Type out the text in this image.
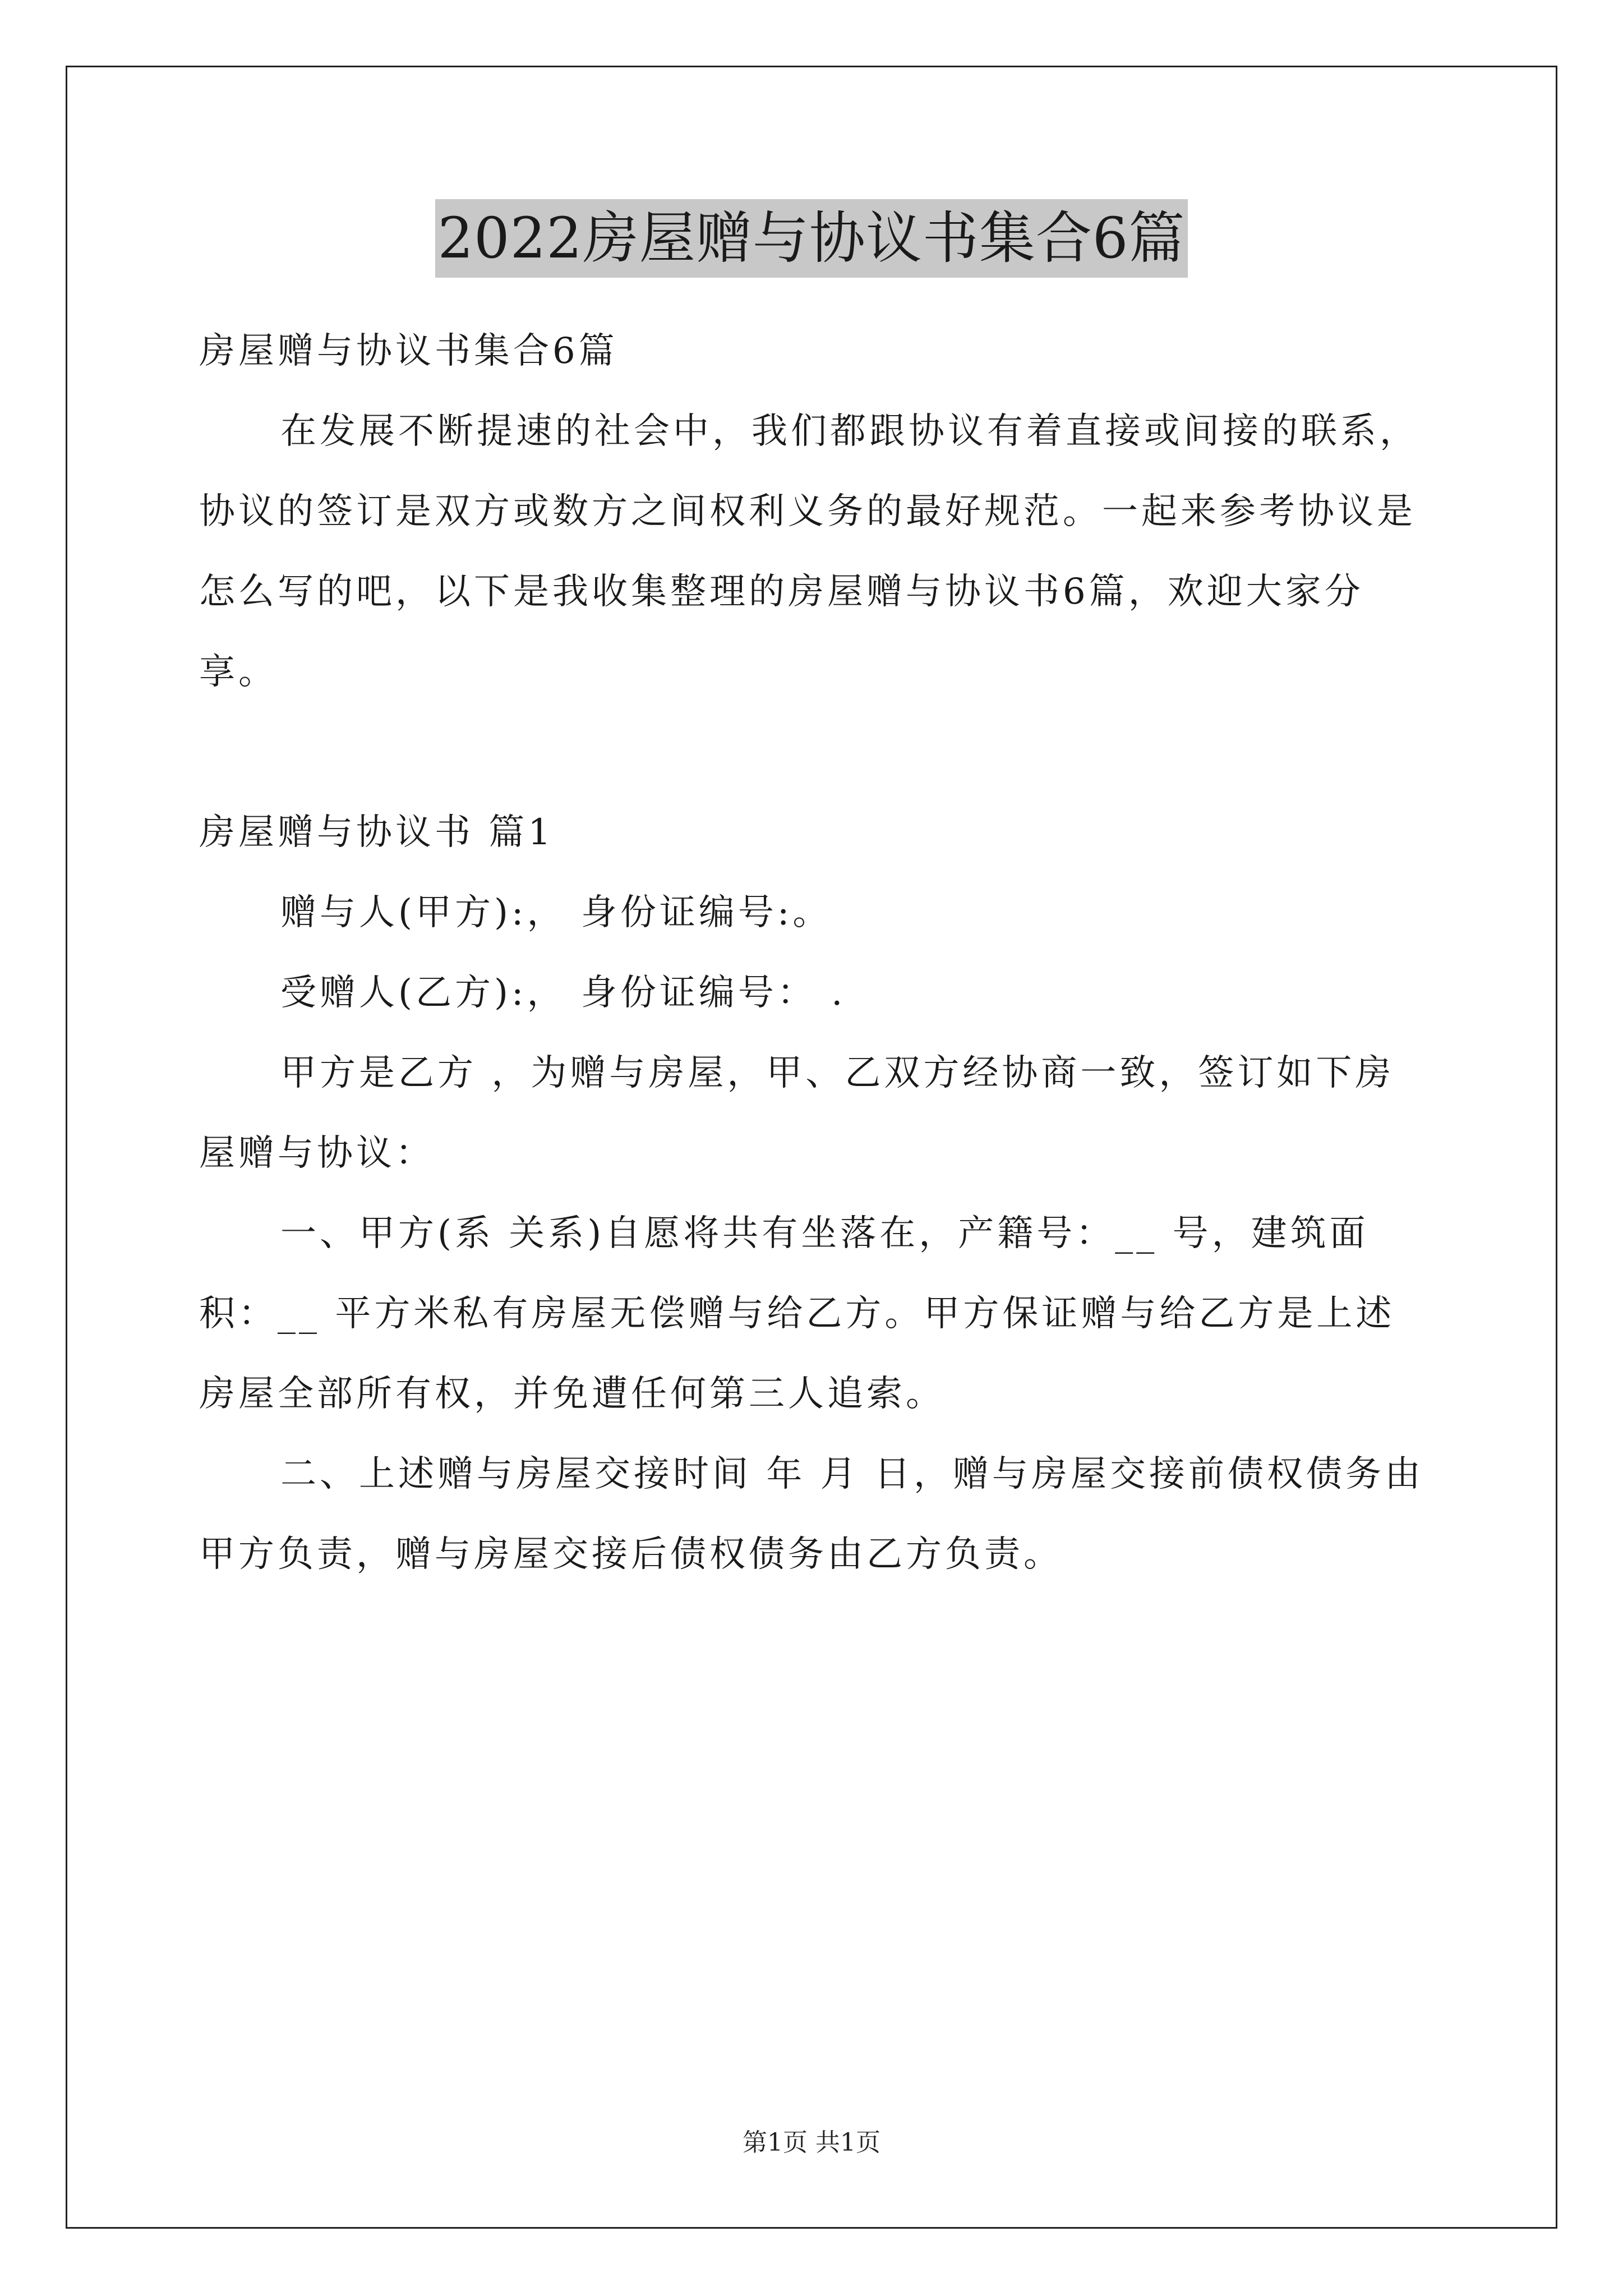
2022房屋赠与协议书集合6篇

房屋赠与协议书集合6篇

在发展不断提速的社会中，我们都跟协议有着直接或间接的联系，协议的签订是双方或数方之间权利义务的最好规范。一起来参考协议是怎么写的吧，以下是我收集整理的房屋赠与协议书6篇，欢迎大家分享。

房屋赠与协议书 篇1

赠与人(甲方):， 身份证编号:。

受赠人(乙方):， 身份证编号： .

甲方是乙方 ，为赠与房屋，甲、乙双方经协商一致，签订如下房屋赠与协议：

一、甲方(系 关系)自愿将共有坐落在，产籍号：__ 号，建筑面积：__ 平方米私有房屋无偿赠与给乙方。甲方保证赠与给乙方是上述房屋全部所有权，并免遭任何第三人追索。

二、上述赠与房屋交接时间 年 月 日，赠与房屋交接前债权债务由甲方负责，赠与房屋交接后债权债务由乙方负责。

第1页 共1页
